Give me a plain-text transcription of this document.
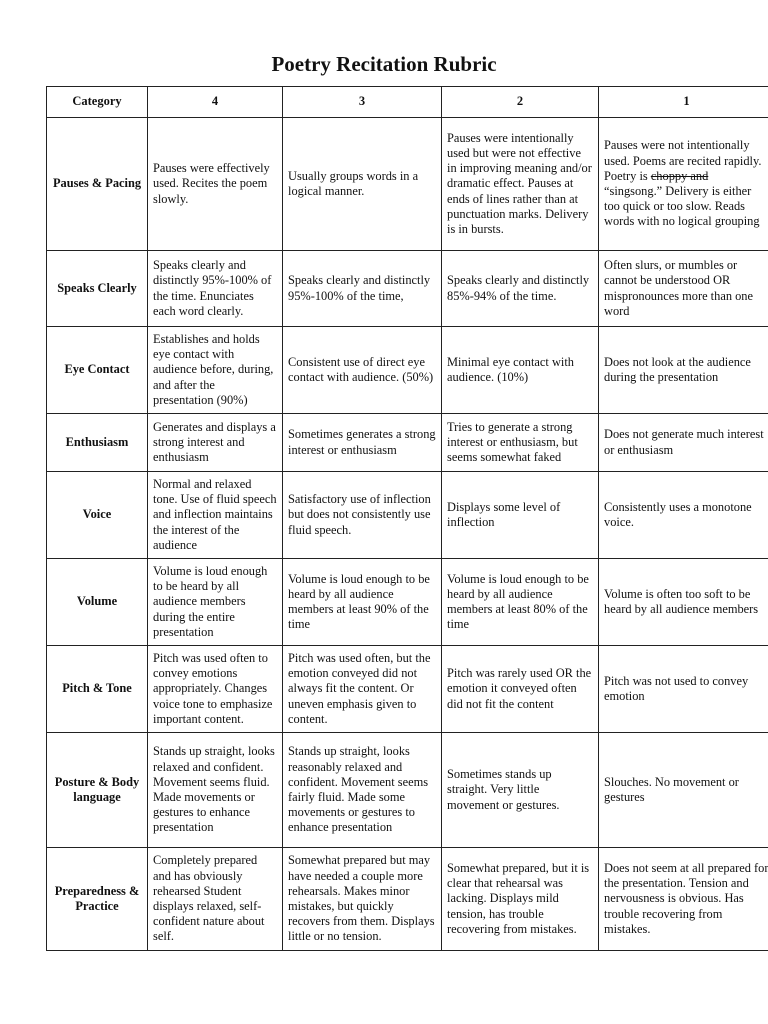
Poetry Recitation Rubric
Category	4	3	2	1
Pauses & Pacing	Pauses were effectively used. Recites the poem slowly.	Usually groups words in a logical manner.	Pauses were intentionally used but were not effective in improving meaning and/or dramatic effect. Pauses at ends of lines rather than at punctuation marks. Delivery is in bursts.	Pauses were not intentionally used. Poems are recited rapidly. Poetry is choppy and “singsong.” Delivery is either too quick or too slow. Reads words with no logical grouping
Speaks Clearly	Speaks clearly and distinctly 95%-100% of the time. Enunciates each word clearly.	Speaks clearly and distinctly 95%-100% of the time,	Speaks clearly and distinctly 85%-94% of the time.	Often slurs, or mumbles or cannot be understood OR mispronounces more than one word
Eye Contact	Establishes and holds eye contact with audience before, during, and after the presentation (90%)	Consistent use of direct eye contact with audience. (50%)	Minimal eye contact with audience. (10%)	Does not look at the audience during the presentation
Enthusiasm	Generates and displays a strong interest and enthusiasm	Sometimes generates a strong interest or enthusiasm	Tries to generate a strong interest or enthusiasm, but seems somewhat faked	Does not generate much interest or enthusiasm
Voice	Normal and relaxed tone. Use of fluid speech and inflection maintains the interest of the audience	Satisfactory use of inflection but does not consistently use fluid speech.	Displays some level of inflection	Consistently uses a monotone voice.
Volume	Volume is loud enough to be heard by all audience members during the entire presentation	Volume is loud enough to be heard by all audience members at least 90% of the time	Volume is loud enough to be heard by all audience members at least 80% of the time	Volume is often too soft to be heard by all audience members
Pitch & Tone	Pitch was used often to convey emotions appropriately. Changes voice tone to emphasize important content.	Pitch was used often, but the emotion conveyed did not always fit the content. Or uneven emphasis given to content.	Pitch was rarely used OR the emotion it conveyed often did not fit the content	Pitch was not used to convey emotion
Posture & Body language	Stands up straight, looks relaxed and confident. Movement seems fluid. Made movements or gestures to enhance presentation	Stands up straight, looks reasonably relaxed and confident. Movement seems fairly fluid. Made some movements or gestures to enhance presentation	Sometimes stands up straight. Very little movement or gestures.	Slouches. No movement or gestures
Preparedness & Practice	Completely prepared and has obviously rehearsed Student displays relaxed, self-confident nature about self.	Somewhat prepared but may have needed a couple more rehearsals. Makes minor mistakes, but quickly recovers from them. Displays little or no tension.	Somewhat prepared, but it is clear that rehearsal was lacking. Displays mild tension, has trouble recovering from mistakes.	Does not seem at all prepared for the presentation. Tension and nervousness is obvious. Has trouble recovering from mistakes.
